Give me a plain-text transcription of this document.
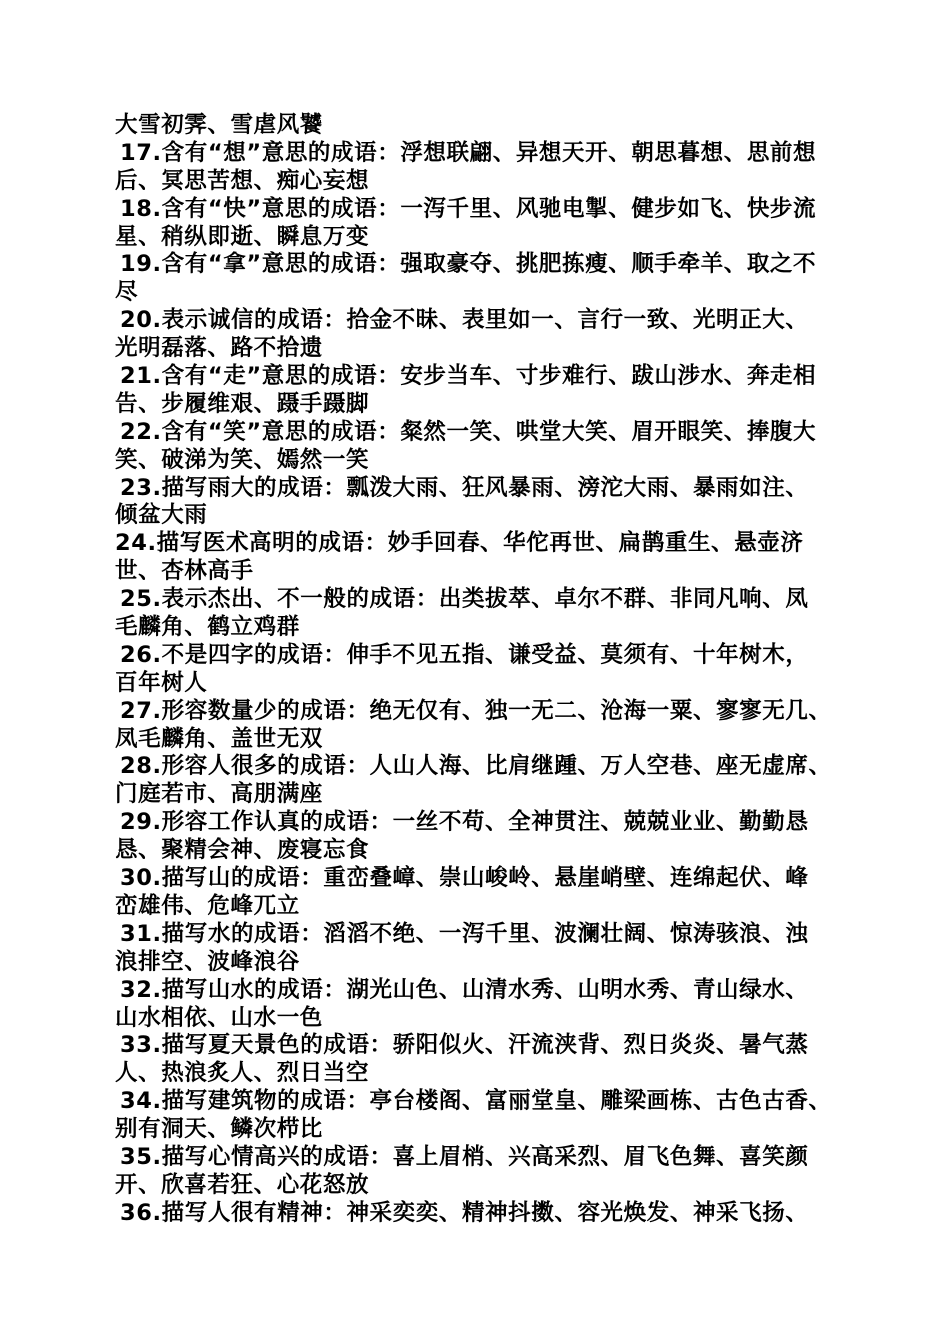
大雪初霁、雪虐风饕
17.含有“想”意思的成语：浮想联翩、异想天开、朝思暮想、思前想
后、冥思苦想、痴心妄想
18.含有“快”意思的成语：一泻千里、风驰电掣、健步如飞、快步流
星、稍纵即逝、瞬息万变
19.含有“拿”意思的成语：强取豪夺、挑肥拣瘦、顺手牵羊、取之不
尽
20.表示诚信的成语：拾金不昧、表里如一、言行一致、光明正大、
光明磊落、路不拾遗
21.含有“走”意思的成语：安步当车、寸步难行、跋山涉水、奔走相
告、步履维艰、蹑手蹑脚
22.含有“笑”意思的成语：粲然一笑、哄堂大笑、眉开眼笑、捧腹大
笑、破涕为笑、嫣然一笑
23.描写雨大的成语：瓢泼大雨、狂风暴雨、滂沱大雨、暴雨如注、
倾盆大雨
24.描写医术高明的成语：妙手回春、华佗再世、扁鹊重生、悬壶济
世、杏林高手
25.表示杰出、不一般的成语：出类拔萃、卓尔不群、非同凡响、凤
毛麟角、鹤立鸡群
26.不是四字的成语：伸手不见五指、谦受益、莫须有、十年树木，
百年树人
27.形容数量少的成语：绝无仅有、独一无二、沧海一粟、寥寥无几、
凤毛麟角、盖世无双
28.形容人很多的成语：人山人海、比肩继踵、万人空巷、座无虚席、
门庭若市、高朋满座
29.形容工作认真的成语：一丝不苟、全神贯注、兢兢业业、勤勤恳
恳、聚精会神、废寝忘食
30.描写山的成语：重峦叠嶂、崇山峻岭、悬崖峭壁、连绵起伏、峰
峦雄伟、危峰兀立
31.描写水的成语：滔滔不绝、一泻千里、波澜壮阔、惊涛骇浪、浊
浪排空、波峰浪谷
32.描写山水的成语：湖光山色、山清水秀、山明水秀、青山绿水、
山水相依、山水一色
33.描写夏天景色的成语：骄阳似火、汗流浃背、烈日炎炎、暑气蒸
人、热浪炙人、烈日当空
34.描写建筑物的成语：亭台楼阁、富丽堂皇、雕梁画栋、古色古香、
别有洞天、鳞次栉比
35.描写心情高兴的成语：喜上眉梢、兴高采烈、眉飞色舞、喜笑颜
开、欣喜若狂、心花怒放
36.描写人很有精神：神采奕奕、精神抖擞、容光焕发、神采飞扬、
